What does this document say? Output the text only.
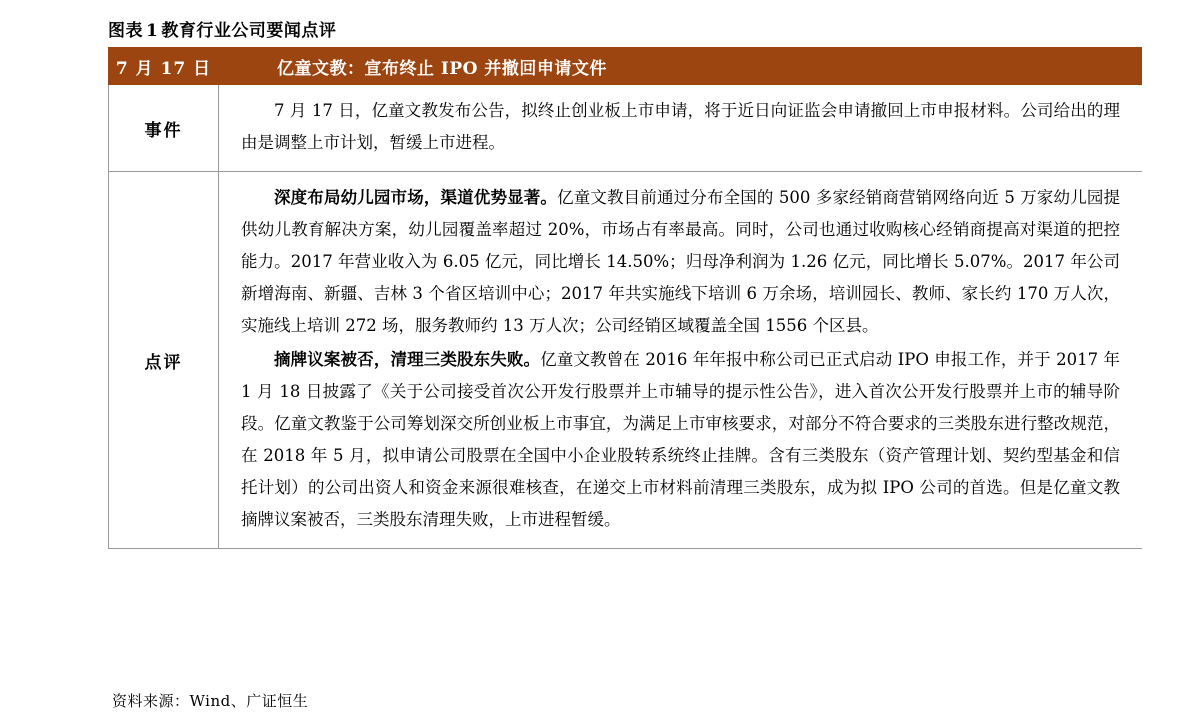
图表 1 教育行业公司要闻点评
7 月 17 日	亿童文教：宣布终止 IPO 并撤回申请文件
事件	7 月 17 日，亿童文教发布公告，拟终止创业板上市申请，将于近日向证监会申请撤回上市申报材料。公司给出的理由是调整上市计划，暂缓上市进程。

点评	深度布局幼儿园市场，渠道优势显著。亿童文教目前通过分布全国的 500 多家经销商营销网络向近 5 万家幼儿园提供幼儿教育解决方案，幼儿园覆盖率超过 20%，市场占有率最高。同时，公司也通过收购核心经销商提高对渠道的把控能力。2017 年营业收入为 6.05 亿元，同比增长 14.50%；归母净利润为 1.26 亿元，同比增长 5.07%。2017 年公司新增海南、新疆、吉林 3 个省区培训中心；2017 年共实施线下培训 6 万余场，培训园长、教师、家长约 170 万人次，实施线上培训 272 场，服务教师约 13 万人次；公司经销区域覆盖全国 1556 个区县。

摘牌议案被否，清理三类股东失败。亿童文教曾在 2016 年年报中称公司已正式启动 IPO 申报工作，并于 2017 年 1 月 18 日披露了《关于公司接受首次公开发行股票并上市辅导的提示性公告》，进入首次公开发行股票并上市的辅导阶段。亿童文教鉴于公司筹划深交所创业板上市事宜，为满足上市审核要求，对部分不符合要求的三类股东进行整改规范，在 2018 年 5 月，拟申请公司股票在全国中小企业股转系统终止挂牌。含有三类股东（资产管理计划、契约型基金和信托计划）的公司出资人和资金来源很难核查，在递交上市材料前清理三类股东，成为拟 IPO 公司的首选。但是亿童文教摘牌议案被否，三类股东清理失败，上市进程暂缓。

资料来源：Wind、广证恒生
